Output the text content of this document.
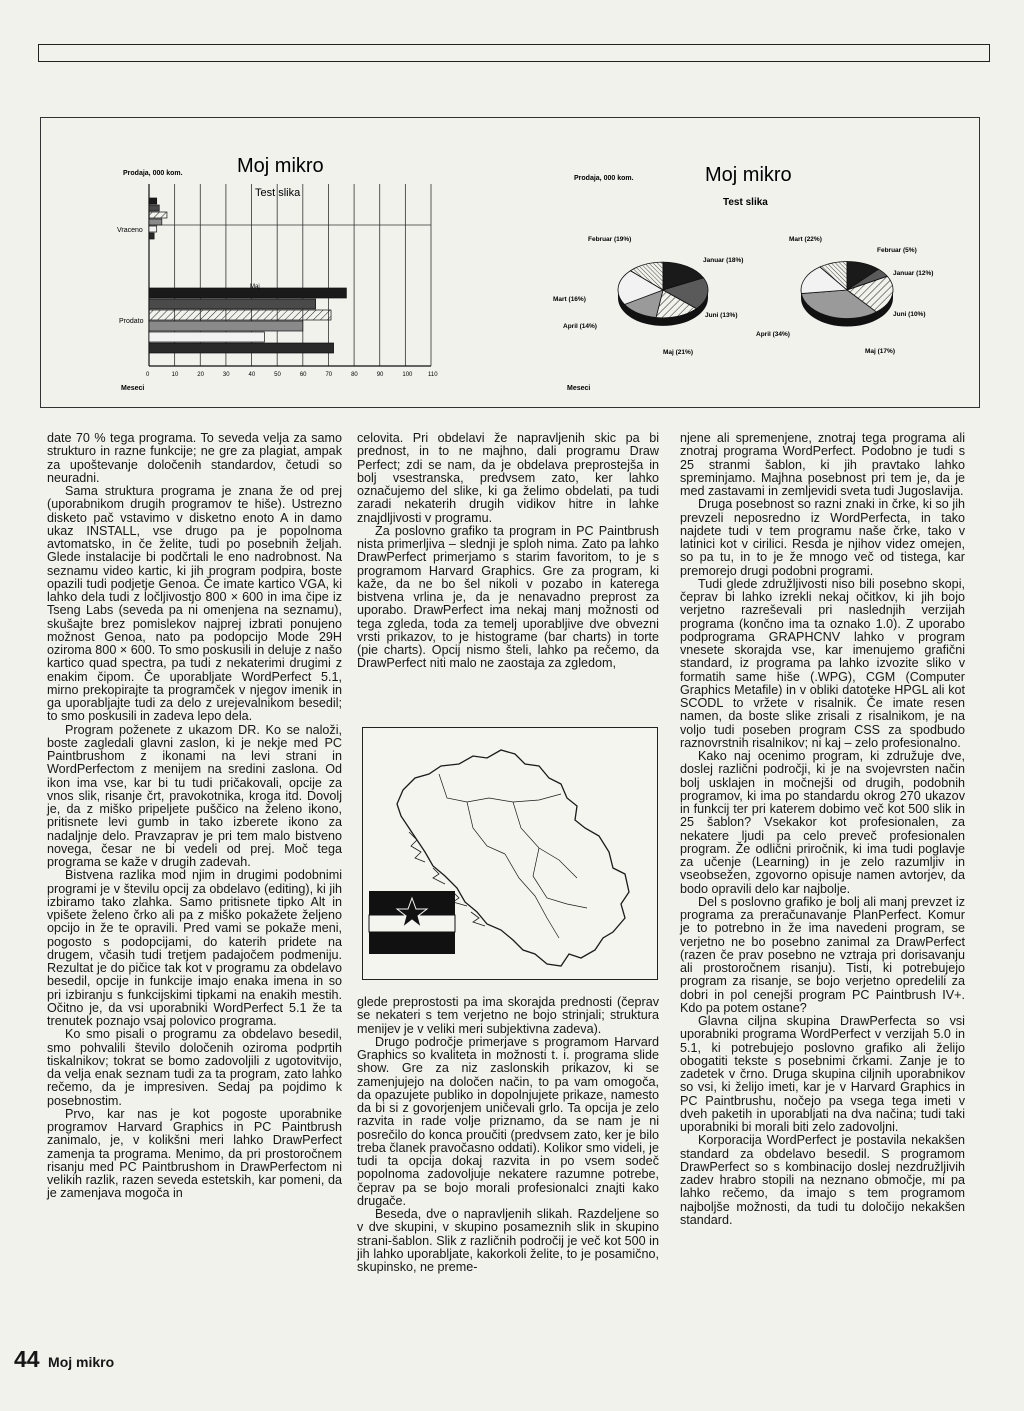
Prodaja, 000 kom.	Moj mikro
Test slika
Vraceno
Prodato
Maj
0	10	20	30	40	50	60	70	80	90	100	110
Meseci
Prodaja, 000 kom.	Moj mikro
Test slika
Februar (19%)
Januar (18%)
Mart (16%)
April (14%)
Juni (13%)
Maj (21%)
Mart (22%)
Februar (5%)
Januar (12%)
Juni (10%)
April (34%)
Maj (17%)
Meseci

date 70 % tega programa. To seveda velja za samo strukturo in razne funkcije; ne gre za plagiat, ampak za upoštevanje določenih standardov, četudi so neuradni.

Sama struktura programa je znana že od prej (uporabnikom drugih programov te hiše). Ustrezno disketo pač vstavimo v disketno enoto A in damo ukaz INSTALL, vse drugo pa je popolnoma avtomatsko, in če želite, tudi po posebnih željah. Glede instalacije bi podčrtali le eno nadrobnost. Na seznamu video kartic, ki jih program podpira, boste opazili tudi podjetje Genoa. Če imate kartico VGA, ki lahko dela tudi z ločljivostjo 800 × 600 in ima čipe iz Tseng Labs (seveda pa ni omenjena na seznamu), skušajte brez pomislekov najprej izbrati ponujeno možnost Genoa, nato pa podopcijo Mode 29H oziroma 800 × 600. To smo poskusili in deluje z našo kartico quad spectra, pa tudi z nekaterimi drugimi z enakim čipom. Če uporabljate WordPerfect 5.1, mirno prekopirajte ta programček v njegov imenik in ga uporabljajte tudi za delo z urejevalnikom besedil; to smo poskusili in zadeva lepo dela.

Program poženete z ukazom DR. Ko se naloži, boste zagledali glavni zaslon, ki je nekje med PC Paintbrushom z ikonami na levi strani in WordPerfectom z menijem na sredini zaslona. Od ikon ima vse, kar bi tu tudi pričakovali, opcije za vnos slik, risanje črt, pravokotnika, kroga itd. Dovolj je, da z miško pripeljete puščico na želeno ikono, pritisnete levi gumb in tako izberete ikono za nadaljnje delo. Pravzaprav je pri tem malo bistveno novega, česar ne bi vedeli od prej. Moč tega programa se kaže v drugih zadevah.

Bistvena razlika mod njim in drugimi podobnimi programi je v številu opcij za obdelavo (editing), ki jih izbiramo tako zlahka. Samo pritisnete tipko Alt in vpišete želeno črko ali pa z miško pokažete željeno opcijo in že te opravili. Pred vami se pokaže meni, pogosto s podopcijami, do katerih pridete na drugem, včasih tudi tretjem padajočem podmeniju. Rezultat je do pičice tak kot v programu za obdelavo besedil, opcije in funkcije imajo enaka imena in so pri izbiranju s funkcijskimi tipkami na enakih mestih. Očitno je, da vsi uporabniki WordPerfect 5.1 že ta trenutek poznajo vsaj polovico programa.

Ko smo pisali o programu za obdelavo besedil, smo pohvalili število določenih oziroma podprtih tiskalnikov; tokrat se bomo zadovoljili z ugotovitvijo, da velja enak seznam tudi za ta program, zato lahko rečemo, da je impresiven. Sedaj pa pojdimo k posebnostim.

Prvo, kar nas je kot pogoste uporabnike programov Harvard Graphics in PC Paintbrush zanimalo, je, v kolikšni meri lahko DrawPerfect zamenja ta programa. Menimo, da pri prostoročnem risanju med PC Paintbrushom in DrawPerfectom ni velikih razlik, razen seveda estetskih, kar pomeni, da je zamenjava mogoča in

celovita. Pri obdelavi že napravljenih skic pa bi prednost, in to ne majhno, dali programu Draw Perfect; zdi se nam, da je obdelava preprostejša in bolj vsestranska, predvsem zato, ker lahko označujemo del slike, ki ga želimo obdelati, pa tudi zaradi nekaterih drugih vidikov hitre in lahke znajdljivosti v programu.

Za poslovno grafiko ta program in PC Paintbrush nista primerljiva – slednji je sploh nima. Zato pa lahko DrawPerfect primerjamo s starim favoritom, to je s programom Harvard Graphics. Gre za program, ki kaže, da ne bo šel nikoli v pozabo in katerega bistvena vrlina je, da je nenavadno preprost za uporabo. DrawPerfect ima nekaj manj možnosti od tega zgleda, toda za temelj uporabljive dve obvezni vrsti prikazov, to je histograme (bar charts) in torte (pie charts). Opcij nismo šteli, lahko pa rečemo, da DrawPerfect niti malo ne zaostaja za zgledom,

glede preprostosti pa ima skorajda prednosti (čeprav se nekateri s tem verjetno ne bojo strinjali; struktura menijev je v veliki meri subjektivna zadeva).

Drugo področje primerjave s programom Harvard Graphics so kvaliteta in možnosti t. i. programa slide show. Gre za niz zaslonskih prikazov, ki se zamenjujejo na določen način, to pa vam omogoča, da opazujete publiko in dopolnjujete prikaze, namesto da bi si z govorjenjem uničevali grlo. Ta opcija je zelo razvita in rade volje priznamo, da se nam je ni posrečilo do konca proučiti (predvsem zato, ker je bilo treba članek pravočasno oddati). Kolikor smo videli, je tudi ta opcija dokaj razvita in po vsem sodeč popolnoma zadovoljuje nekatere razumne potrebe, čeprav pa se bojo morali profesionalci znajti kako drugače.

Beseda, dve o napravljenih slikah. Razdeljene so v dve skupini, v skupino posameznih slik in skupino strani-šablon. Slik z različnih področij je več kot 500 in jih lahko uporabljate, kakorkoli želite, to je posamično, skupinsko, ne preme-

njene ali spremenjene, znotraj tega programa ali znotraj programa WordPerfect. Podobno je tudi s 25 stranmi šablon, ki jih pravtako lahko spreminjamo. Majhna posebnost pri tem je, da je med zastavami in zemljevidi sveta tudi Jugoslavija.

Druga posebnost so razni znaki in črke, ki so jih prevzeli neposredno iz WordPerfecta, in tako najdete tudi v tem programu naše črke, tako v latinici kot v cirilici. Resda je njihov videz omejen, so pa tu, in to je že mnogo več od tistega, kar premorejo drugi podobni programi.

Tudi glede združljivosti niso bili posebno skopi, čeprav bi lahko izrekli nekaj očitkov, ki jih bojo verjetno razreševali pri naslednjih verzijah programa (končno ima ta oznako 1.0). Z uporabo podprograma GRAPHCNV lahko v program vnesete skorajda vse, kar imenujemo grafični standard, iz programa pa lahko izvozite sliko v formatih same hiše (.WPG), CGM (Computer Graphics Metafile) in v obliki datoteke HPGL ali kot SCODL to vržete v risalnik. Če imate resen namen, da boste slike zrisali z risalnikom, je na voljo tudi poseben program CSS za spodbudo raznovrstnih risalnikov; ni kaj – zelo profesionalno.

Kako naj ocenimo program, ki združuje dve, doslej različni področji, ki je na svojevrsten način bolj usklajen in močnejši od drugih, podobnih programov, ki ima po standardu okrog 270 ukazov in funkcij ter pri katerem dobimo več kot 500 slik in 25 šablon? Vsekakor kot profesionalen, za nekatere ljudi pa celo preveč profesionalen program. Že odlični priročnik, ki ima tudi poglavje za učenje (Learning) in je zelo razumljiv in vseobsežen, zgovorno opisuje namen avtorjev, da bodo opravili delo kar najbolje.

Del s poslovno grafiko je bolj ali manj prevzet iz programa za preračunavanje PlanPerfect. Komur je to potrebno in že ima navedeni program, se verjetno ne bo posebno zanimal za DrawPerfect (razen če prav posebno ne vztraja pri dorisavanju ali prostoročnem risanju). Tisti, ki potrebujejo program za risanje, se bojo verjetno opredelili za dobri in pol cenejši program PC Paintbrush IV+. Kdo pa potem ostane?

Glavna ciljna skupina DrawPerfecta so vsi uporabniki programa WordPerfect v verzijah 5.0 in 5.1, ki potrebujejo poslovno grafiko ali želijo obogatiti tekste s posebnimi črkami. Zanje je to zadetek v črno. Druga skupina ciljnih uporabnikov so vsi, ki želijo imeti, kar je v Harvard Graphics in PC Paintbrushu, nočejo pa vsega tega imeti v dveh paketih in uporabljati na dva načina; tudi taki uporabniki bi morali biti zelo zadovoljni.

Korporacija WordPerfect je postavila nekakšen standard za obdelavo besedil. S programom DrawPerfect so s kombinacijo doslej nezdružljivih zadev hrabro stopili na neznano območje, mi pa lahko rečemo, da imajo s tem programom najboljše možnosti, da tudi tu določijo nekakšen standard.

44 Moj mikro
